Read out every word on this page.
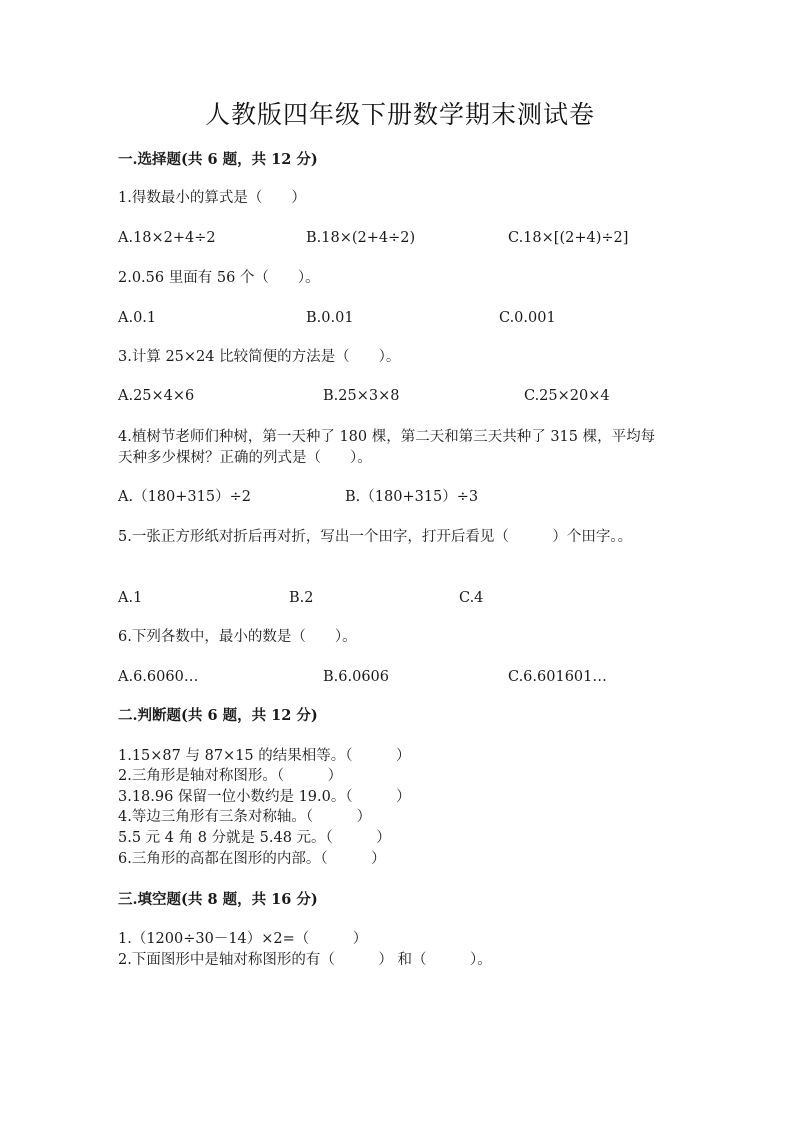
人教版四年级下册数学期末测试卷
一.选择题(共 6 题，共 12 分)
1.得数最小的算式是（　　）
A.18×2+4÷2	B.18×(2+4÷2)	C.18×[(2+4)÷2]
2.0.56 里面有 56 个（　　）。
A.0.1	B.0.01	C.0.001
3.计算 25×24 比较简便的方法是（　　）。
A.25×4×6	B.25×3×8	C.25×20×4
4.植树节老师们种树，第一天种了 180 棵，第二天和第三天共种了 315 棵，平均每天种多少棵树？正确的列式是（　　）。
A.（180+315）÷2	B.（180+315）÷3
5.一张正方形纸对折后再对折，写出一个田字，打开后看见（　　　）个田字。。
A.1	B.2	C.4
6.下列各数中，最小的数是（　　）。
A.6.6060…	B.6.0606	C.6.601601…
二.判断题(共 6 题，共 12 分)
1.15×87 与 87×15 的结果相等。（　　　）
2.三角形是轴对称图形。（　　　）
3.18.96 保留一位小数约是 19.0。（　　　）
4.等边三角形有三条对称轴。（　　　）
5.5 元 4 角 8 分就是 5.48 元。（　　　）
6.三角形的高都在图形的内部。（　　　）
三.填空题(共 8 题，共 16 分)
1.（1200÷30－14）×2=（　　　）
2.下面图形中是轴对称图形的有（　　　） 和（　　　）。
